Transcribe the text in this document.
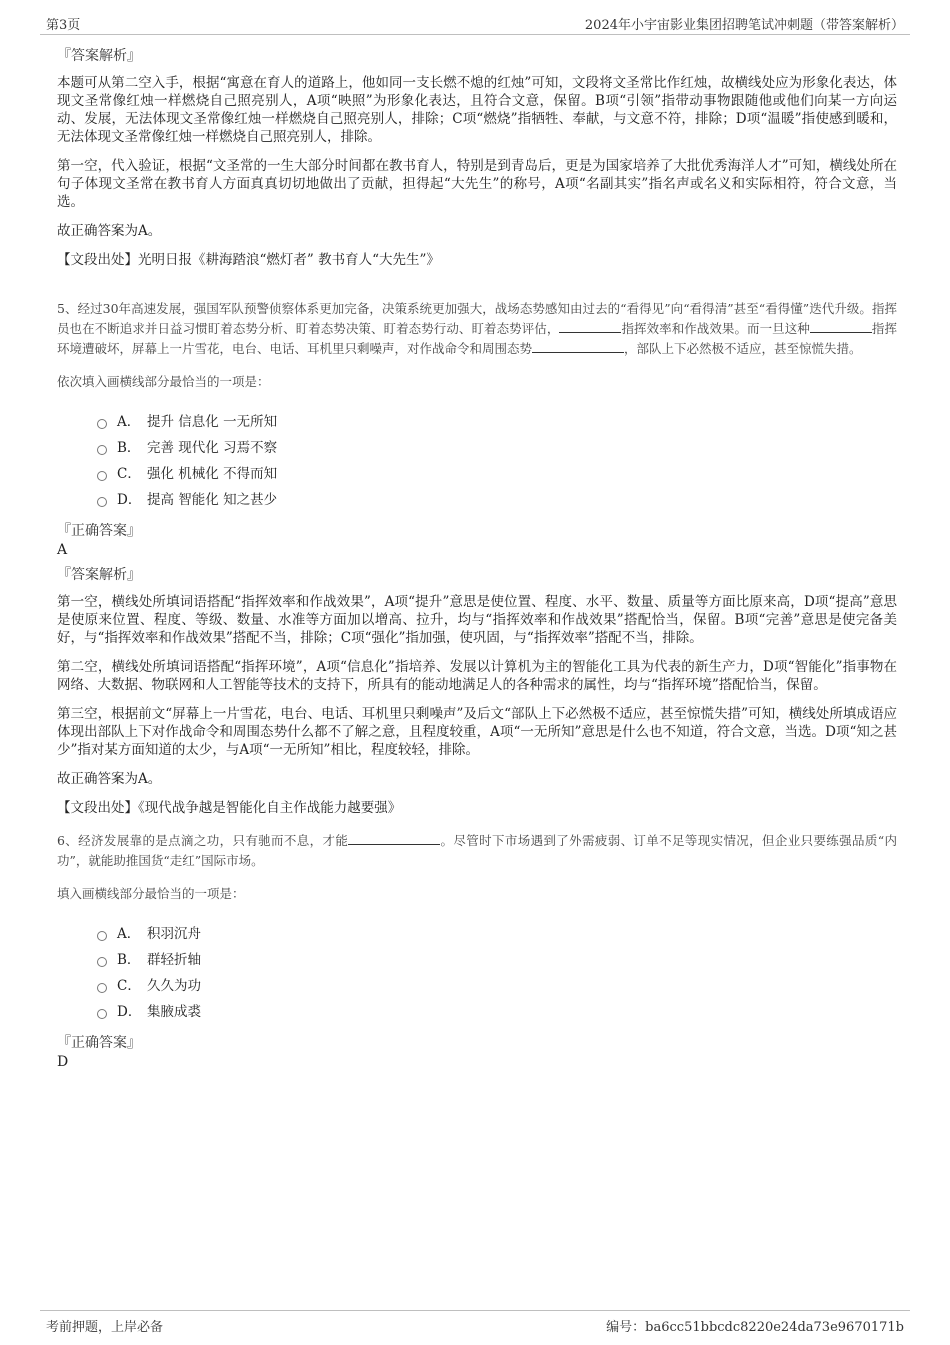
第3页	2024年小宇宙影业集团招聘笔试冲刺题（带答案解析）
『答案解析』

本题可从第二空入手，根据“寓意在育人的道路上，他如同一支长燃不熄的红烛”可知，文段将文圣常比作红烛，故横线处应为形象化表达，体现文圣常像红烛一样燃烧自己照亮别人，A项“映照”为形象化表达，且符合文意，保留。B项“引领”指带动事物跟随他或他们向某一方向运动、发展，无法体现文圣常像红烛一样燃烧自己照亮别人，排除；C项“燃烧”指牺牲、奉献，与文意不符，排除；D项“温暖”指使感到暖和，无法体现文圣常像红烛一样燃烧自己照亮别人，排除。

第一空，代入验证，根据“文圣常的一生大部分时间都在教书育人，特别是到青岛后，更是为国家培养了大批优秀海洋人才”可知，横线处所在句子体现文圣常在教书育人方面真真切切地做出了贡献，担得起“大先生”的称号，A项“名副其实”指名声或名义和实际相符，符合文意，当选。

故正确答案为A。

【文段出处】光明日报《耕海踏浪“燃灯者” 教书育人“大先生”》

5、经过30年高速发展，强国军队预警侦察体系更加完备，决策系统更加强大，战场态势感知由过去的“看得见”向“看得清”甚至“看得懂”迭代升级。指挥员也在不断追求并日益习惯盯着态势分析、盯着态势决策、盯着态势行动、盯着态势评估，	指挥效率和作战效果。而一旦这种	指挥环境遭破坏，屏幕上一片雪花，电台、电话、耳机里只剩噪声，对作战命令和周围态势	，部队上下必然极不适应，甚至惊慌失措。

依次填入画横线部分最恰当的一项是：

A． 提升 信息化 一无所知
B． 完善 现代化 习焉不察
C． 强化 机械化 不得而知
D． 提高 智能化 知之甚少
『正确答案』
A
『答案解析』

第一空，横线处所填词语搭配“指挥效率和作战效果”，A项“提升”意思是使位置、程度、水平、数量、质量等方面比原来高，D项“提高”意思是使原来位置、程度、等级、数量、水准等方面加以增高、拉升，均与“指挥效率和作战效果”搭配恰当，保留。B项“完善”意思是使完备美好，与“指挥效率和作战效果”搭配不当，排除；C项“强化”指加强，使巩固，与“指挥效率”搭配不当，排除。

第二空，横线处所填词语搭配“指挥环境”，A项“信息化”指培养、发展以计算机为主的智能化工具为代表的新生产力，D项“智能化”指事物在网络、大数据、物联网和人工智能等技术的支持下，所具有的能动地满足人的各种需求的属性，均与“指挥环境”搭配恰当，保留。

第三空，根据前文“屏幕上一片雪花，电台、电话、耳机里只剩噪声”及后文“部队上下必然极不适应，甚至惊慌失措”可知，横线处所填成语应体现出部队上下对作战命令和周围态势什么都不了解之意，且程度较重，A项“一无所知”意思是什么也不知道，符合文意，当选。D项“知之甚少”指对某方面知道的太少，与A项“一无所知”相比，程度较轻，排除。

故正确答案为A。

【文段出处】《现代战争越是智能化自主作战能力越要强》

6、经济发展靠的是点滴之功，只有驰而不息，才能	。尽管时下市场遇到了外需疲弱、订单不足等现实情况，但企业只要练强品质“内功”，就能助推国货“走红”国际市场。

填入画横线部分最恰当的一项是：

A． 积羽沉舟
B． 群轻折轴
C． 久久为功
D． 集腋成裘
『正确答案』
D
考前押题，上岸必备	编号：ba6cc51bbcdc8220e24da73e9670171b
